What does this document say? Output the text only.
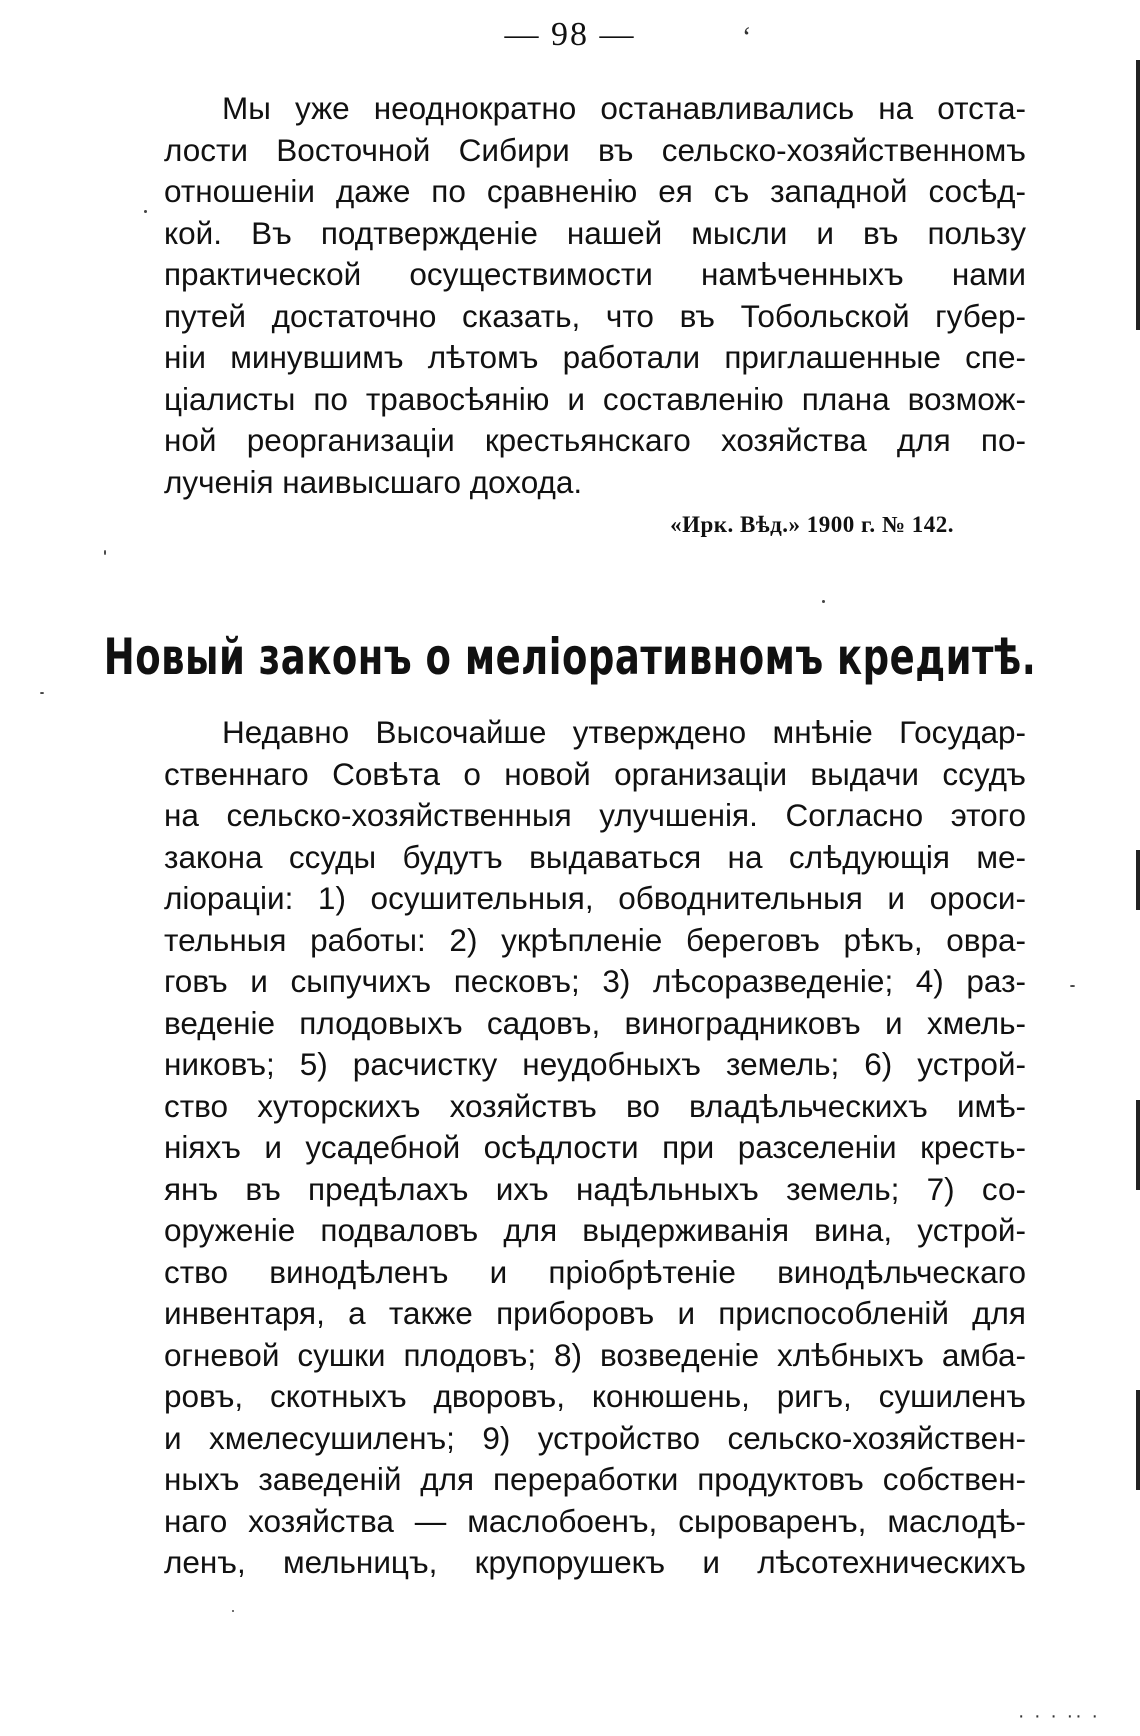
— 98 —	ʻ
Мы уже неоднократно останавливались на отста-
лости Восточной Сибири въ сельско-хозяйственномъ
отношеніи даже по сравненію ея съ западной сосѣд-
кой. Въ подтвержденіе нашей мысли и въ пользу
практической осуществимости намѣченныхъ нами
путей достаточно сказать, что въ Тобольской губер-
ніи минувшимъ лѣтомъ работали приглашенные спе-
ціалисты по травосѣянію и составленію плана возмож-
ной реорганизаціи крестьянскаго хозяйства для по-
лученія наивысшаго дохода.
«Ирк. Вѣд.» 1900 г. № 142.
Новый законъ о меліоративномъ кредитѣ.
Недавно Высочайше утверждено мнѣніе Государ-
ственнаго Совѣта о новой организаціи выдачи ссудъ
на сельско-хозяйственныя улучшенія. Согласно этого
закона ссуды будутъ выдаваться на слѣдующія ме-
ліораціи: 1) осушительныя, обводнительныя и ороси-
тельныя работы: 2) укрѣпленіе береговъ рѣкъ, овра-
говъ и сыпучихъ песковъ; 3) лѣсоразведеніе; 4) раз-
веденіе плодовыхъ садовъ, виноградниковъ и хмель-
никовъ; 5) расчистку неудобныхъ земель; 6) устрой-
ство хуторскихъ хозяйствъ во владѣльческихъ имѣ-
ніяхъ и усадебной осѣдлости при разселеніи кресть-
янъ въ предѣлахъ ихъ надѣльныхъ земель; 7) со-
оруженіе подваловъ для выдерживанія вина, устрой-
ство винодѣленъ и пріобрѣтеніе винодѣльческаго
инвентаря, а также приборовъ и приспособленій для
огневой сушки плодовъ; 8) возведеніе хлѣбныхъ амба-
ровъ, скотныхъ дворовъ, конюшень, ригъ, сушиленъ
и хмелесушиленъ; 9) устройство сельско-хозяйствен-
ныхъ заведеній для переработки продуктовъ собствен-
наго хозяйства — маслобоенъ, сыроваренъ, маслодѣ-
ленъ, мельницъ, крупорушекъ и лѣсотехническихъ
· · · ·· ·
